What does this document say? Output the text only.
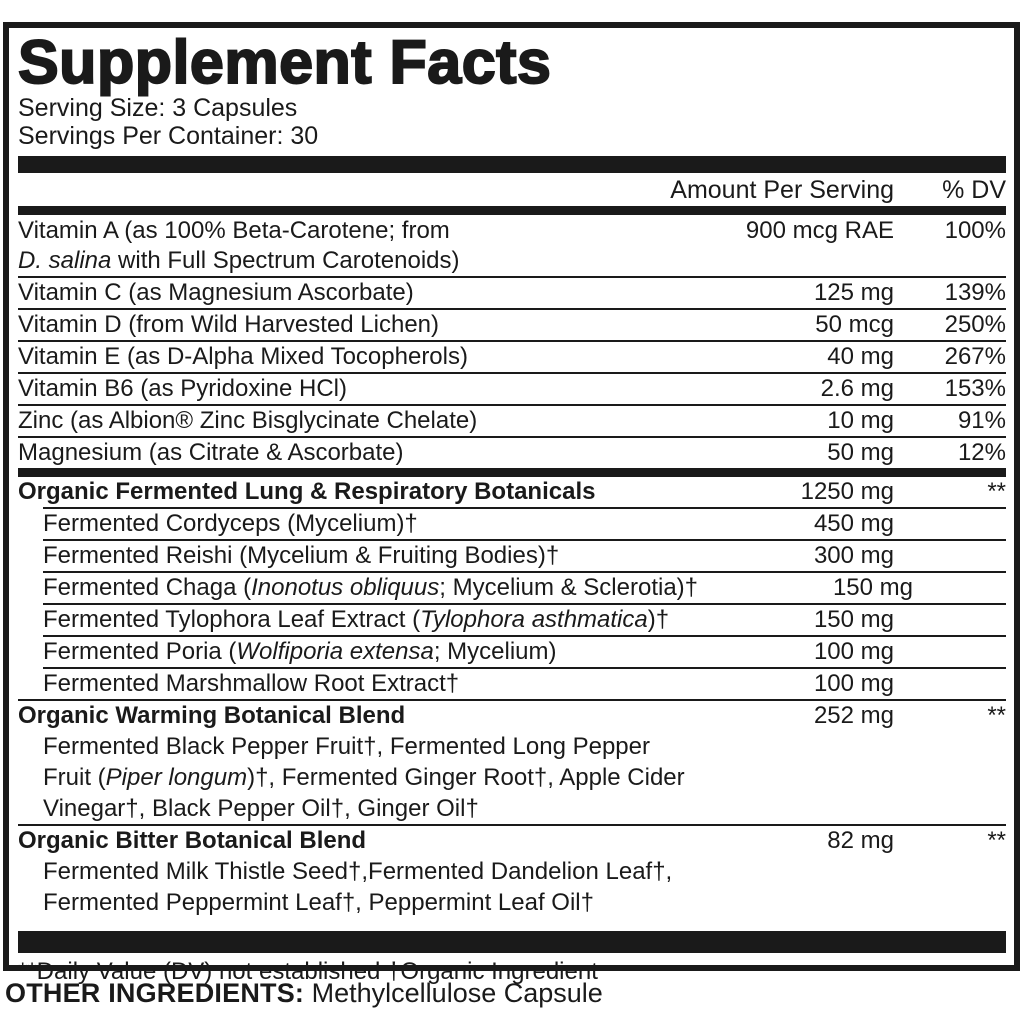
Supplement Facts
Serving Size: 3 Capsules
Servings Per Container: 30
Amount Per Serving	% DV
Vitamin A (as 100% Beta-Carotene; from	900 mcg RAE	100%
D. salina with Full Spectrum Carotenoids)
Vitamin C (as Magnesium Ascorbate)	125 mg	139%
Vitamin D (from Wild Harvested Lichen)	50 mcg	250%
Vitamin E (as D-Alpha Mixed Tocopherols)	40 mg	267%
Vitamin B6 (as Pyridoxine HCl)	2.6 mg	153%
Zinc (as Albion® Zinc Bisglycinate Chelate)	10 mg	91%
Magnesium (as Citrate & Ascorbate)	50 mg	12%
Organic Fermented Lung & Respiratory Botanicals	1250 mg	**
Fermented Cordyceps (Mycelium)†	450 mg
Fermented Reishi (Mycelium & Fruiting Bodies)†	300 mg
Fermented Chaga (Inonotus obliquus; Mycelium & Sclerotia)†	150 mg
Fermented Tylophora Leaf Extract (Tylophora asthmatica)†	150 mg
Fermented Poria (Wolfiporia extensa; Mycelium)	100 mg
Fermented Marshmallow Root Extract†	100 mg
Organic Warming Botanical Blend	252 mg	**
Fermented Black Pepper Fruit†, Fermented Long Pepper
Fruit (Piper longum)†, Fermented Ginger Root†, Apple Cider
Vinegar†, Black Pepper Oil†, Ginger Oil†
Organic Bitter Botanical Blend	82 mg	**
Fermented Milk Thistle Seed†,Fermented Dandelion Leaf†,
Fermented Peppermint Leaf†, Peppermint Leaf Oil†
**Daily Value (DV) not established †Organic Ingredient
OTHER INGREDIENTS: Methylcellulose Capsule
